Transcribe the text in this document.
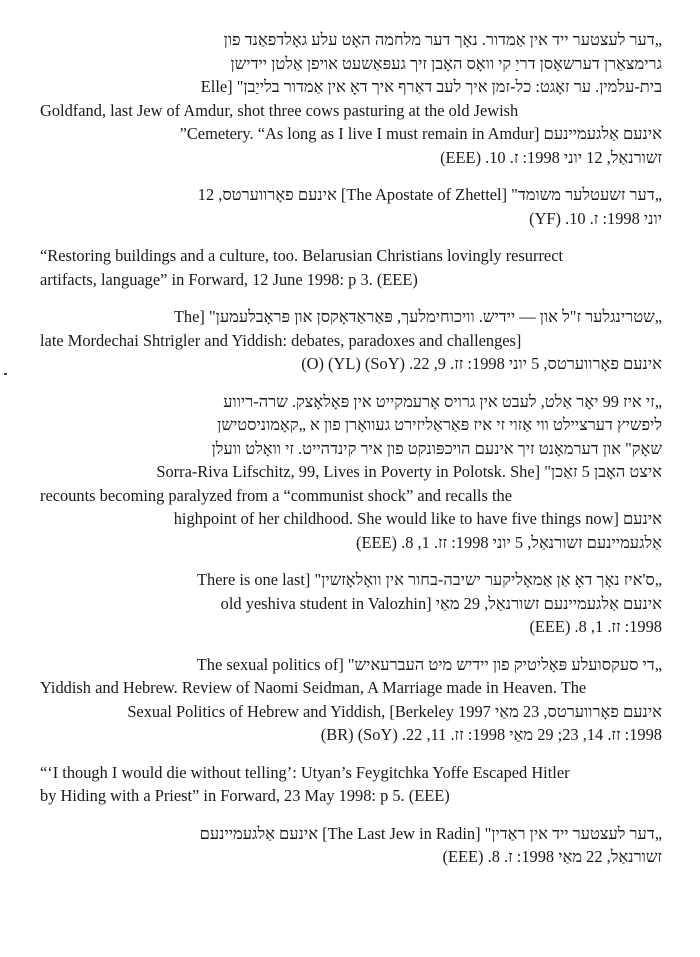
„דער לעצטער ייד אין אַמדור. נאָך דער מלחמה האָט עלע גאָלדפאַנד פון
גרימצאַרן דערשאָסן דריַ קי וואָס האָבן זיך געפּאַשעט אויפן אַלטן יידישן
בית-עלמין. ער זאָגט: כל-זמן איך לעב דאַרף איך דאָ אין אַמדור בלייַבן" [Elle
Goldfand, last Jew of Amdur, shot three cows pasturing at the old Jewish
אינעם אַלגעמיינעם [Cemetery. “As long as I live I must remain in Amdur”
זשורנאַל, 12 יוני 1998: ז. 10. (EEE)
„דער זשעטלער משומד" [The Apostate of Zhettel] אינעם פאָרווערטס, 12
יוני 1998: ז. 10. (YF)
“Restoring buildings and a culture, too. Belarusian Christians lovingly resurrect
artifacts, language” in Forward, 12 June 1998: p 3. (EEE)
„שטרינגלער ז"ל און — יידיש. וויכוחימלעך, פּאַראַדאָקסן און פּראָבלעמען" [The
late Mordechai Shtrigler and Yiddish: debates, paradoxes and challenges]
אינעם פאָרווערטס, 5 יוני 1998: זז. 9, 22. (SoY) (YL) (O)
„זי איז 99 יאָר אַלט, לעבט אין גרויס אָרעמקייט אין פּאָלאָצק. שרה-ריווע
ליפשיץ דערציילט ווי אַזוי זי איז פּאַראַליזירט געוואָרן פון א „קאָמוניסטישן
שאָק" און דערמאָנט זיך אינעם הויכפּונקט פון איר קינדהייט. זי וואָלט וועלן
איצט האָבן 5 זאַכן" [Sorra-Riva Lifschitz, 99, Lives in Poverty in Polotsk. She
recounts becoming paralyzed from a “communist shock” and recalls the
אינעם [highpoint of her childhood. She would like to have five things now
אַלגעמיינעם זשורנאַל, 5 יוני 1998: זז. 1, 8. (EEE)
„ס'איז נאָך דאָ אַן אַמאָליקער ישיבה-בחור אין וואָלאָזשין" [There is one last
אינעם אַלגעמיינעם זשורנאַל, 29 מאַי [old yeshiva student in Valozhin
1998: זז. 1, 8. (EEE)
„די סעקסועלע פּאָליטיק פון יידיש מיט העברעאיש" [The sexual politics of
Yiddish and Hebrew. Review of Naomi Seidman, A Marriage made in Heaven. The
אינעם פאָרווערטס, 23 מאַי Sexual Politics of Hebrew and Yiddish, [Berkeley 1997
1998: זז. 14, 23; 29 מאַי 1998: זז. 11, 22. (SoY) (BR)
“‘I though I would die without telling’: Utyan’s Feygitchka Yoffe Escaped Hitler
by Hiding with a Priest” in Forward, 23 May 1998: p 5. (EEE)
„דער לעצטער ייד אין ראַדין" [The Last Jew in Radin] אינעם אַלגעמיינעם
זשורנאַל, 22 מאַי 1998: ז. 8. (EEE)
